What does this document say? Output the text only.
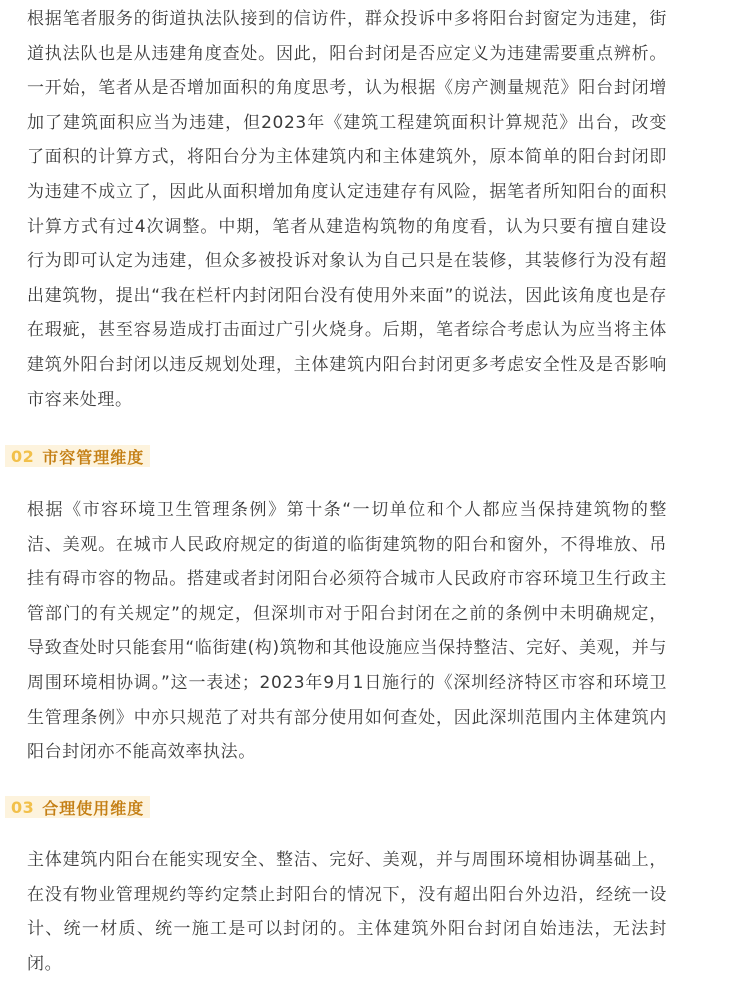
根据笔者服务的街道执法队接到的信访件，群众投诉中多将阳台封窗定为违建，街道执法队也是从违建角度查处。因此，阳台封闭是否应定义为违建需要重点辨析。一开始，笔者从是否增加面积的角度思考，认为根据《房产测量规范》阳台封闭增加了建筑面积应当为违建，但2023年《建筑工程建筑面积计算规范》出台，改变了面积的计算方式，将阳台分为主体建筑内和主体建筑外，原本简单的阳台封闭即为违建不成立了，因此从面积增加角度认定违建存有风险，据笔者所知阳台的面积计算方式有过4次调整。中期，笔者从建造构筑物的角度看，认为只要有擅自建设行为即可认定为违建，但众多被投诉对象认为自己只是在装修，其装修行为没有超出建筑物，提出“我在栏杆内封闭阳台没有使用外来面”的说法，因此该角度也是存在瑕疵，甚至容易造成打击面过广引火烧身。后期，笔者综合考虑认为应当将主体建筑外阳台封闭以违反规划处理，主体建筑内阳台封闭更多考虑安全性及是否影响市容来处理。

02 市容管理维度

根据《市容环境卫生管理条例》第十条“一切单位和个人都应当保持建筑物的整洁、美观。在城市人民政府规定的街道的临街建筑物的阳台和窗外，不得堆放、吊挂有碍市容的物品。搭建或者封闭阳台必须符合城市人民政府市容环境卫生行政主管部门的有关规定”的规定，但深圳市对于阳台封闭在之前的条例中未明确规定，导致查处时只能套用“临街建(构)筑物和其他设施应当保持整洁、完好、美观，并与周围环境相协调。”这一表述；2023年9月1日施行的《深圳经济特区市容和环境卫生管理条例》中亦只规范了对共有部分使用如何查处，因此深圳范围内主体建筑内阳台封闭亦不能高效率执法。

03 合理使用维度

主体建筑内阳台在能实现安全、整洁、完好、美观，并与周围环境相协调基础上，在没有物业管理规约等约定禁止封阳台的情况下，没有超出阳台外边沿，经统一设计、统一材质、统一施工是可以封闭的。主体建筑外阳台封闭自始违法，无法封闭。
